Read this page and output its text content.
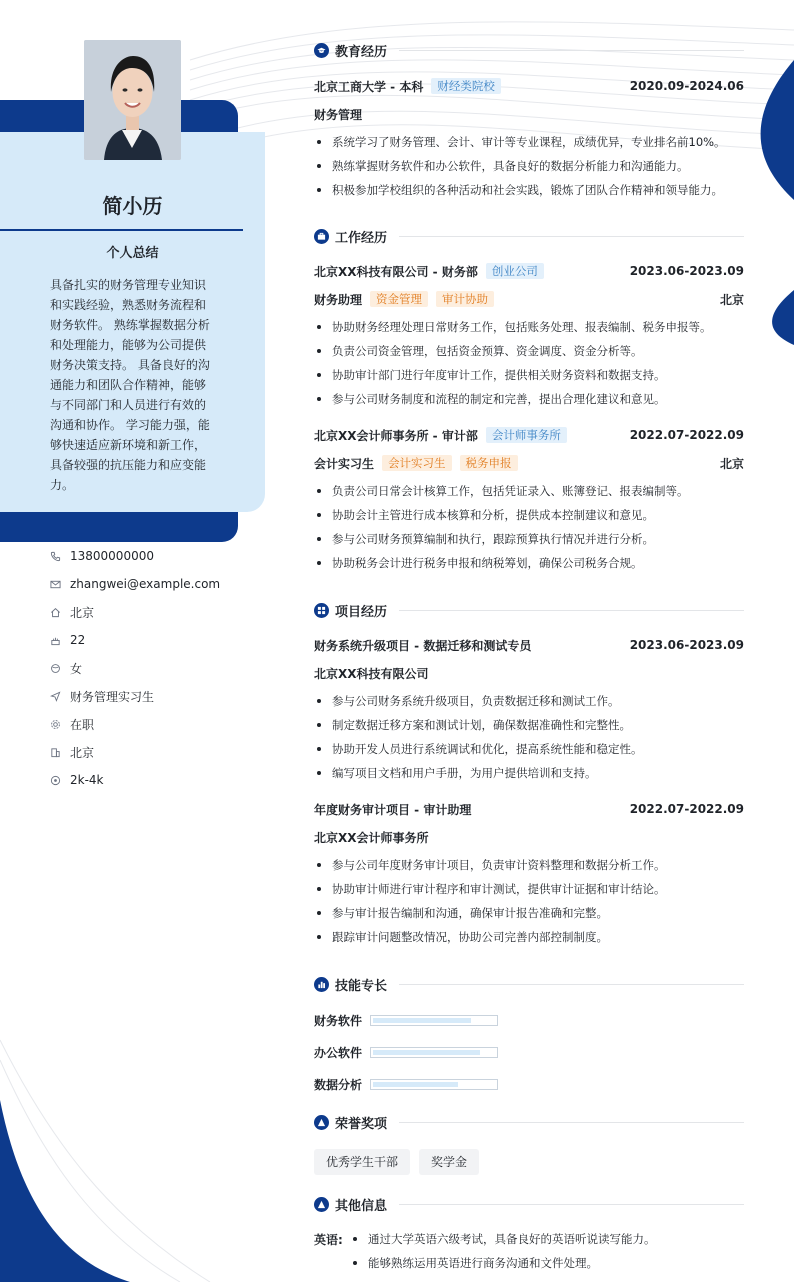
简小历
个人总结
具备扎实的财务管理专业知识和实践经验，熟悉财务流程和财务软件。 熟练掌握数据分析和处理能力，能够为公司提供财务决策支持。 具备良好的沟通能力和团队合作精神，能够与不同部门和人员进行有效的沟通和协作。 学习能力强，能够快速适应新环境和新工作，具备较强的抗压能力和应变能力。
13800000000
zhangwei@example.com
北京
22
女
财务管理实习生
在职
北京
2k-4k
教育经历
北京工商大学 - 本科	财经类院校	2020.09-2024.06
财务管理
系统学习了财务管理、会计、审计等专业课程，成绩优异，专业排名前10%。
熟练掌握财务软件和办公软件，具备良好的数据分析能力和沟通能力。
积极参加学校组织的各种活动和社会实践，锻炼了团队合作精神和领导能力。
工作经历
北京XX科技有限公司 - 财务部	创业公司	2023.06-2023.09
财务助理	资金管理	审计协助	北京
协助财务经理处理日常财务工作，包括账务处理、报表编制、税务申报等。
负责公司资金管理，包括资金预算、资金调度、资金分析等。
协助审计部门进行年度审计工作，提供相关财务资料和数据支持。
参与公司财务制度和流程的制定和完善，提出合理化建议和意见。
北京XX会计师事务所 - 审计部	会计师事务所	2022.07-2022.09
会计实习生	会计实习生	税务申报	北京
负责公司日常会计核算工作，包括凭证录入、账簿登记、报表编制等。
协助会计主管进行成本核算和分析，提供成本控制建议和意见。
参与公司财务预算编制和执行，跟踪预算执行情况并进行分析。
协助税务会计进行税务申报和纳税筹划，确保公司税务合规。
项目经历
财务系统升级项目 - 数据迁移和测试专员	2023.06-2023.09
北京XX科技有限公司
参与公司财务系统升级项目，负责数据迁移和测试工作。
制定数据迁移方案和测试计划，确保数据准确性和完整性。
协助开发人员进行系统调试和优化，提高系统性能和稳定性。
编写项目文档和用户手册，为用户提供培训和支持。
年度财务审计项目 - 审计助理	2022.07-2022.09
北京XX会计师事务所
参与公司年度财务审计项目，负责审计资料整理和数据分析工作。
协助审计师进行审计程序和审计测试，提供审计证据和审计结论。
参与审计报告编制和沟通，确保审计报告准确和完整。
跟踪审计问题整改情况，协助公司完善内部控制制度。
技能专长
财务软件
办公软件
数据分析
荣誉奖项
优秀学生干部	奖学金
其他信息
英语:	通过大学英语六级考试，具备良好的英语听说读写能力。
能够熟练运用英语进行商务沟通和文件处理。
